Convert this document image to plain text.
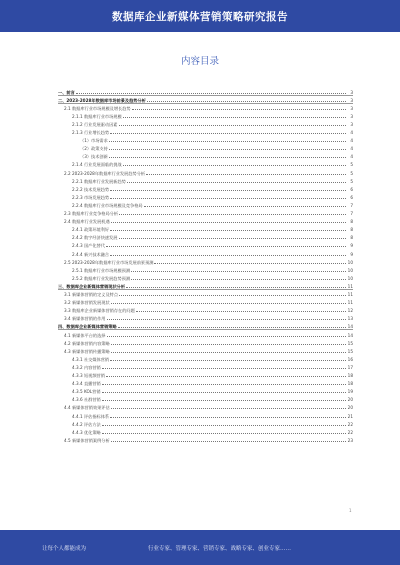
数据库企业新媒体营销策略研究报告
内容目录
一、前言	3
二、2023-2028年数据库市场前景及趋势分析	3
2.1 数据库行业市场规模及增长趋势	3
2.1.1 数据库行业市场规模	3
2.1.2 行业发展驱动因素	3
2.1.3 行业增长趋势	4
（1）市场需求	4
（2）政策支持	4
（3）技术创新	4
2.1.4 行业发展面临的挑战	5
2.2 2023-2028年数据库行业发展趋势分析	5
2.2.1 数据库行业发展新趋势	5
2.2.2 技术发展趋势	6
2.2.3 市场发展趋势	6
2.2.4 数据库行业市场规模及竞争格局	7
2.3 数据库行业竞争格局分析	7
2.4 数据库行业发展机遇	8
2.4.1 政策环境利好	8
2.4.2 数字经济快速发展	8
2.4.3 国产化替代	9
2.4.4 新兴技术融合	9
2.5 2023-2028年数据库行业市场发展前景预测	10
2.5.1 数据库行业市场规模预测	10
2.5.2 数据库行业发展趋势预测	10
三、数据库企业新媒体营销现状分析	11
3.1 新媒体营销的定义及特点	11
3.2 新媒体营销发展现状	11
3.3 数据库企业新媒体营销存在的问题	12
3.4 新媒体营销的作用	13
四、数据库企业新媒体营销策略	14
4.1 新媒体平台的选择	14
4.2 新媒体营销内容策略	15
4.3 新媒体营销传播策略	15
4.3.1 社交媒体营销	16
4.3.2 内容营销	17
4.3.3 短视频营销	18
4.3.4 直播营销	18
4.3.5 KOL营销	19
4.3.6 社群营销	20
4.4 新媒体营销效果评估	20
4.4.1 评估指标体系	21
4.4.2 评估方法	22
4.4.3 优化策略	22
4.5 新媒体营销案例分析	23
1
让每个人都能成为	行业专家、管理专家、营销专家、战略专家、创业专家……
